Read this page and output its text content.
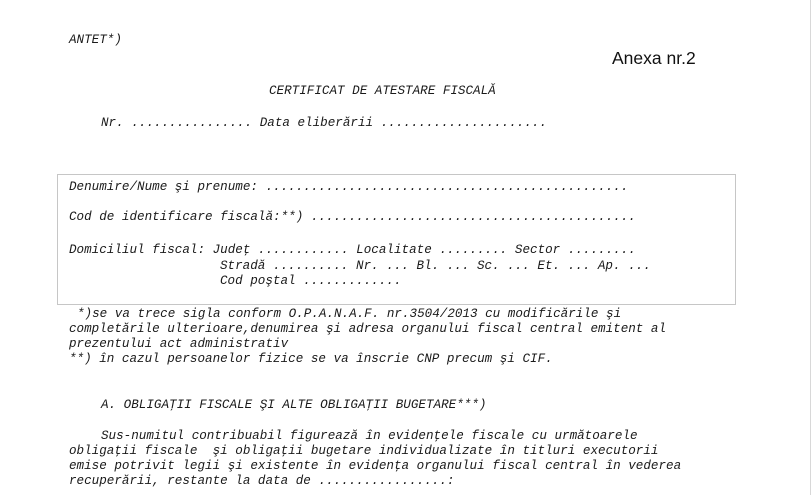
ANTET*)
Anexa nr.2
CERTIFICAT DE ATESTARE FISCALĂ
Nr. ................ Data eliberării ......................
Denumire/Nume şi prenume: ................................................
Cod de identificare fiscală:**) ...........................................
Domiciliul fiscal: Judeţ ............ Localitate ......... Sector .........
Stradă .......... Nr. ... Bl. ... Sc. ... Et. ... Ap. ...
Cod poştal .............
*)se va trece sigla conform O.P.A.N.A.F. nr.3504/2013 cu modificările şi
completările ulterioare,denumirea şi adresa organului fiscal central emitent al
prezentului act administrativ
**) în cazul persoanelor fizice se va înscrie CNP precum şi CIF.
A. OBLIGAŢII FISCALE ŞI ALTE OBLIGAŢII BUGETARE***)
Sus-numitul contribuabil figurează în evidenţele fiscale cu următoarele
obligaţii fiscale  şi obligaţii bugetare individualizate în titluri executorii
emise potrivit legii şi existente în evidenţa organului fiscal central în vederea
recuperării, restante la data de .................:
